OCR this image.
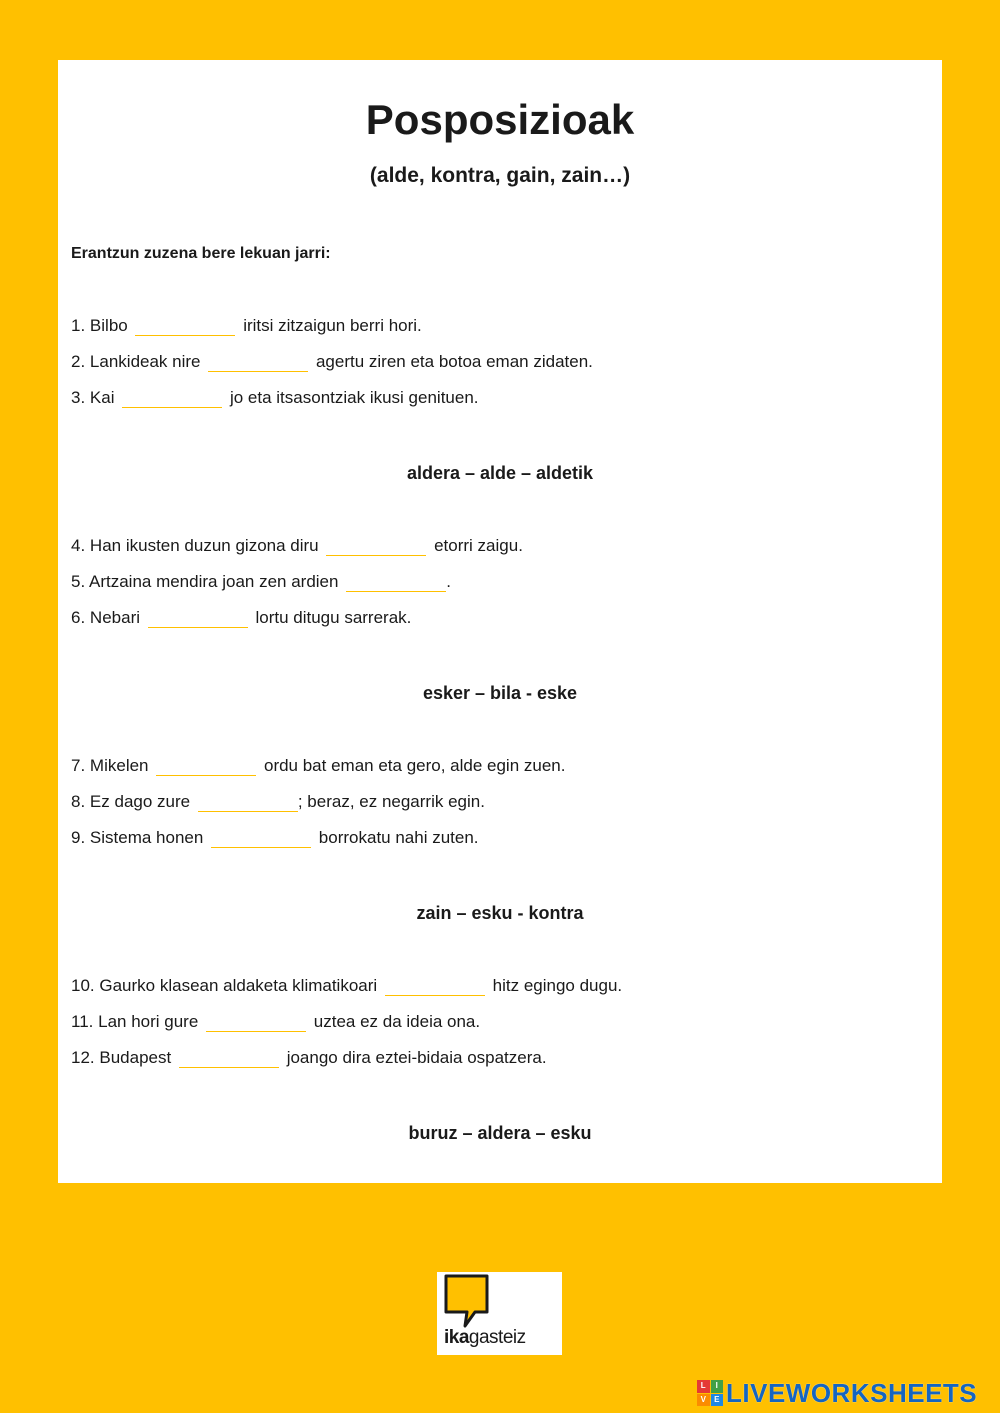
Posposizioak

(alde, kontra, gain, zain…)

Erantzun zuzena bere lekuan jarri:

1. Bilbo	iritsi zitzaigun berri hori.

2. Lankideak nire	agertu ziren eta botoa eman zidaten.

3. Kai	jo eta itsasontziak ikusi genituen.

aldera – alde – aldetik

4. Han ikusten duzun gizona diru	etorri zaigu.

5. Artzaina mendira joan zen ardien	.

6. Nebari	lortu ditugu sarrerak.

esker – bila - eske

7. Mikelen	ordu bat eman eta gero, alde egin zuen.

8. Ez dago zure	; beraz, ez negarrik egin.

9. Sistema honen	borrokatu nahi zuten.

zain – esku - kontra

10. Gaurko klasean aldaketa klimatikoari	hitz egingo dugu.

11. Lan hori gure	uztea ez da ideia ona.

12. Budapest	joango dira eztei-bidaia ospatzera.

buruz – aldera – esku

ikagasteiz
L	I
V	E LIVEWORKSHEETS
